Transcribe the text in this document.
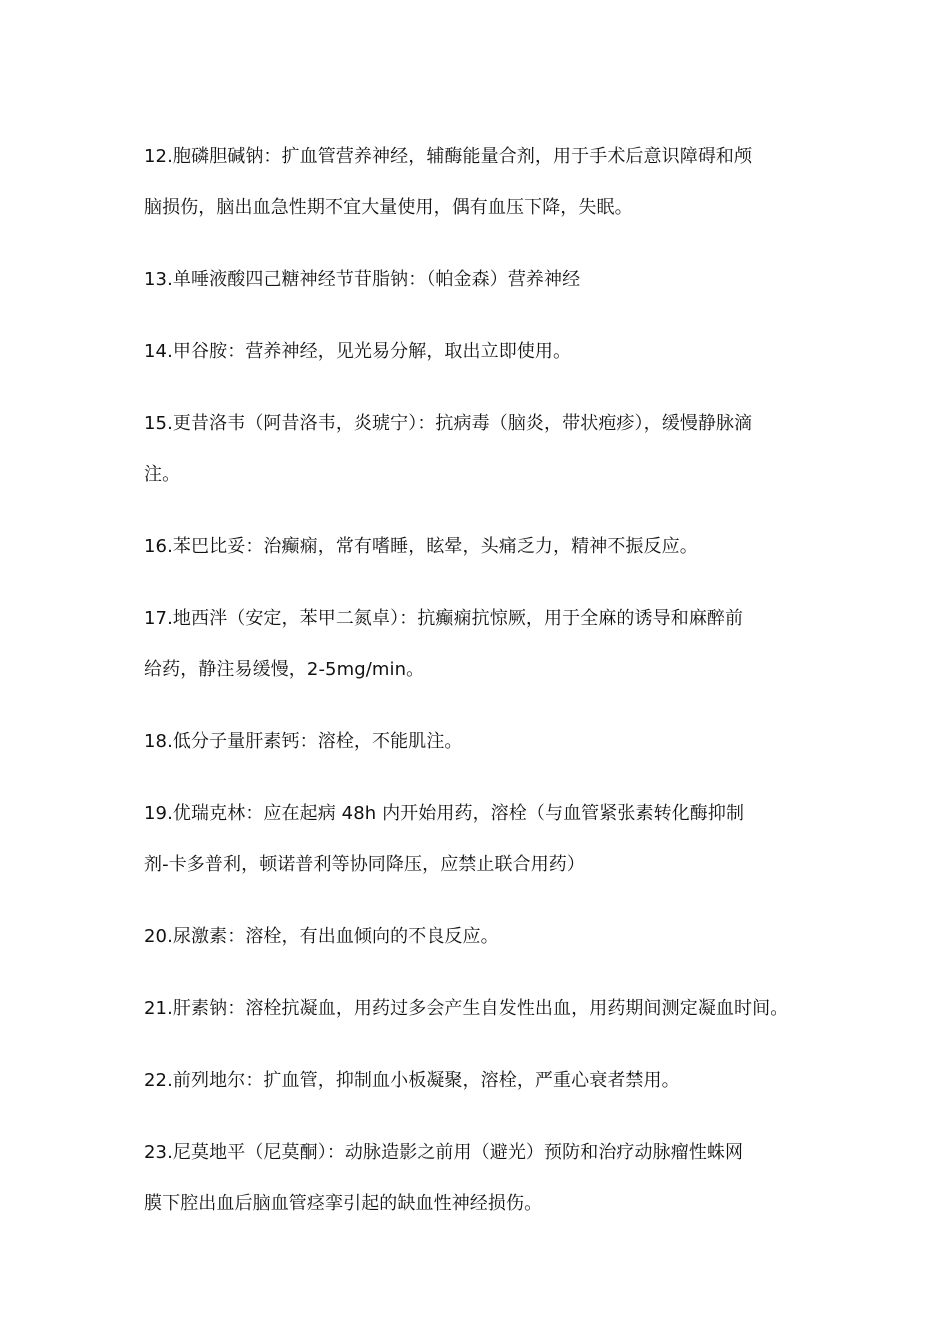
12.胞磷胆碱钠：扩血管营养神经，辅酶能量合剂，用于手术后意识障碍和颅
脑损伤，脑出血急性期不宜大量使用，偶有血压下降，失眠。
13.单唾液酸四己糖神经节苷脂钠：（帕金森）营养神经
14.甲谷胺：营养神经，见光易分解，取出立即使用。
15.更昔洛韦（阿昔洛韦，炎琥宁）：抗病毒（脑炎，带状疱疹），缓慢静脉滴
注。
16.苯巴比妥：治癫痫，常有嗜睡，眩晕，头痛乏力，精神不振反应。
17.地西泮（安定，苯甲二氮卓）：抗癫痫抗惊厥，用于全麻的诱导和麻醉前
给药，静注易缓慢，2-5mg/min。
18.低分子量肝素钙：溶栓，不能肌注。
19.优瑞克林：应在起病 48h 内开始用药，溶栓（与血管紧张素转化酶抑制
剂-卡多普利，顿诺普利等协同降压，应禁止联合用药）
20.尿激素：溶栓，有出血倾向的不良反应。
21.肝素钠：溶栓抗凝血，用药过多会产生自发性出血，用药期间测定凝血时间。
22.前列地尔：扩血管，抑制血小板凝聚，溶栓，严重心衰者禁用。
23.尼莫地平（尼莫酮）：动脉造影之前用（避光）预防和治疗动脉瘤性蛛网
膜下腔出血后脑血管痉挛引起的缺血性神经损伤。
